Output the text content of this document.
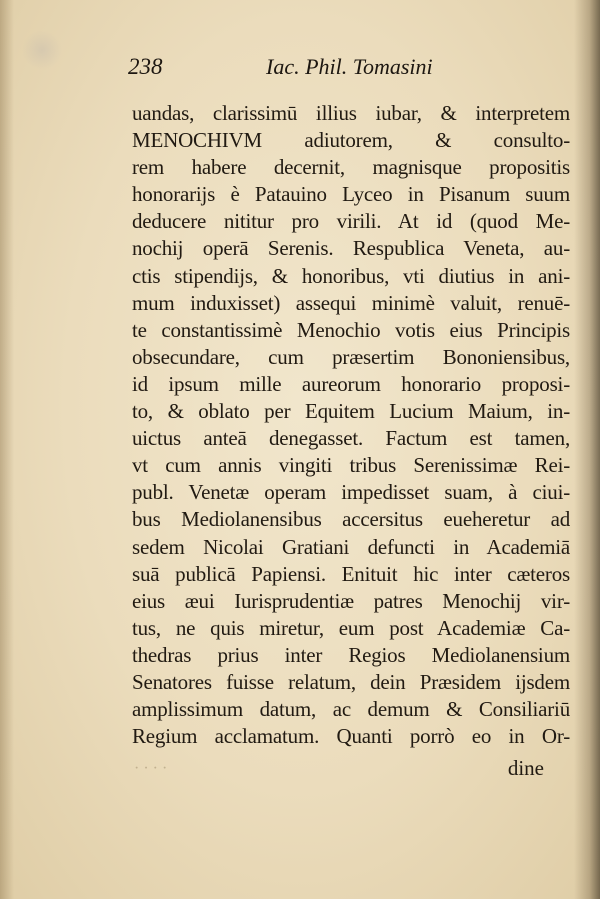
238	Iac. Phil. Tomasini
uandas, clarissimū illius iubar, & interpretem
MENOCHIVM adiutorem, & consulto-
rem habere decernit, magnisque propositis
honorarijs è Patauino Lyceo in Pisanum suum
deducere nititur pro virili. At id (quod Me-
nochij operā Serenis. Respublica Veneta, au-
ctis stipendijs, & honoribus, vti diutius in ani-
mum induxisset) assequi minimè valuit, renuē-
te constantissimè Menochio votis eius Principis
obsecundare, cum præsertim Bononiensibus,
id ipsum mille aureorum honorario proposi-
to, & oblato per Equitem Lucium Maium, in-
uictus anteā denegasset. Factum est tamen,
vt cum annis vingiti tribus Serenissimæ Rei-
publ. Venetæ operam impedisset suam, à ciui-
bus Mediolanensibus accersitus eueheretur ad
sedem Nicolai Gratiani defuncti in Academiā
suā publicā Papiensi. Enituit hic inter cæteros
eius æui Iurisprudentiæ patres Menochij vir-
tus, ne quis miretur, eum post Academiæ Ca-
thedras prius inter Regios Mediolanensium
Senatores fuisse relatum, dein Præsidem ijsdem
amplissimum datum, ac demum & Consiliariū
Regium acclamatum. Quanti porrò eo in Or-
· · · ·	dine
